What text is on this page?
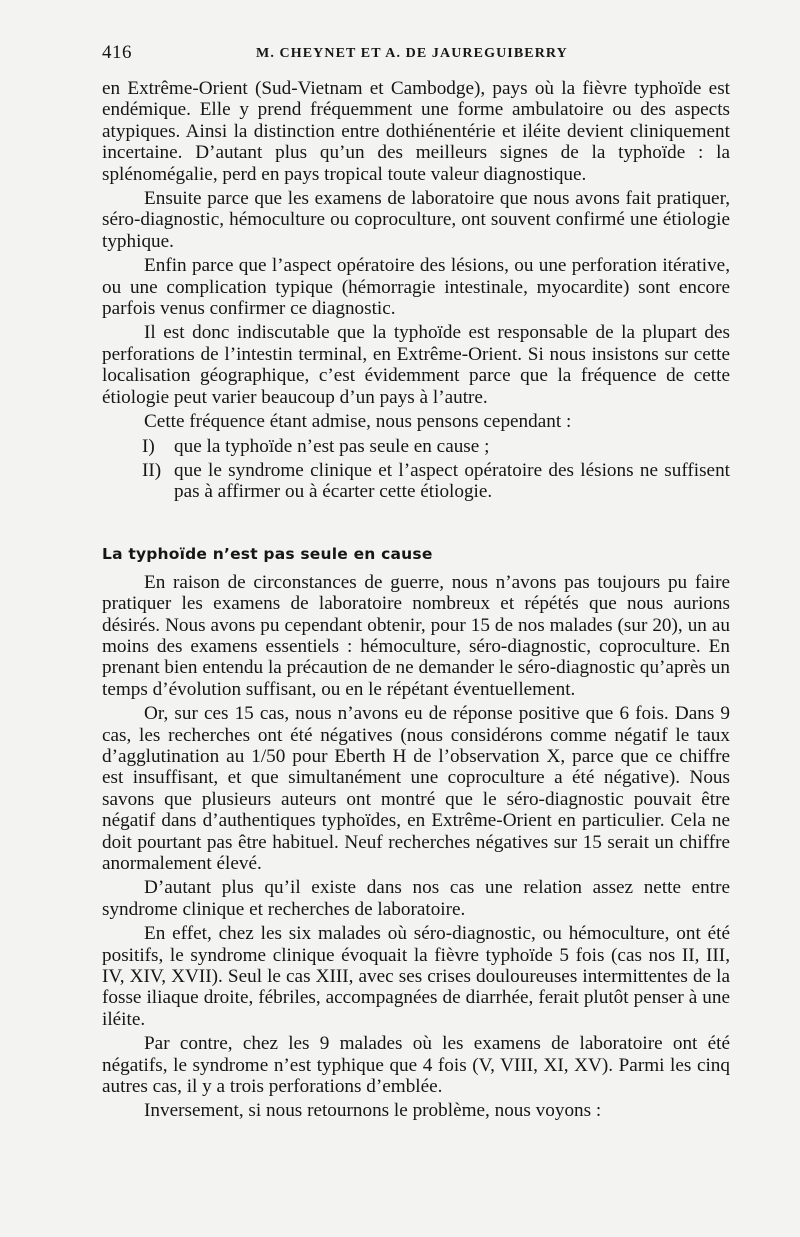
416	M. CHEYNET ET A. DE JAUREGUIBERRY

en Extrême-Orient (Sud-Vietnam et Cambodge), pays où la fièvre typhoïde est endémique. Elle y prend fréquemment une forme ambulatoire ou des aspects atypiques. Ainsi la distinction entre dothiénentérie et iléite devient cliniquement incertaine. D’autant plus qu’un des meilleurs signes de la typhoïde : la splénomégalie, perd en pays tropical toute valeur diagnostique.

Ensuite parce que les examens de laboratoire que nous avons fait pratiquer, séro-diagnostic, hémoculture ou coproculture, ont souvent confirmé une étiologie typhique.

Enfin parce que l’aspect opératoire des lésions, ou une perforation itérative, ou une complication typique (hémorragie intestinale, myocardite) sont encore parfois venus confirmer ce diagnostic.

Il est donc indiscutable que la typhoïde est responsable de la plupart des perforations de l’intestin terminal, en Extrême-Orient. Si nous insistons sur cette localisation géographique, c’est évidemment parce que la fréquence de cette étiologie peut varier beaucoup d’un pays à l’autre.

Cette fréquence étant admise, nous pensons cependant :

I) que la typhoïde n’est pas seule en cause ;
II) que le syndrome clinique et l’aspect opératoire des lésions ne suffisent pas à affirmer ou à écarter cette étiologie.
La typhoïde n’est pas seule en cause

En raison de circonstances de guerre, nous n’avons pas toujours pu faire pratiquer les examens de laboratoire nombreux et répétés que nous aurions désirés. Nous avons pu cependant obtenir, pour 15 de nos malades (sur 20), un au moins des examens essentiels : hémoculture, séro-diagnostic, coproculture. En prenant bien entendu la précaution de ne demander le séro-diagnostic qu’après un temps d’évolution suffisant, ou en le répétant éventuellement.

Or, sur ces 15 cas, nous n’avons eu de réponse positive que 6 fois. Dans 9 cas, les recherches ont été négatives (nous considérons comme négatif le taux d’agglutination au 1/50 pour Eberth H de l’observation X, parce que ce chiffre est insuffisant, et que simultanément une coproculture a été négative). Nous savons que plusieurs auteurs ont montré que le séro-diagnostic pouvait être négatif dans d’authentiques typhoïdes, en Extrême-Orient en particulier. Cela ne doit pourtant pas être habituel. Neuf recherches négatives sur 15 serait un chiffre anormalement élevé.

D’autant plus qu’il existe dans nos cas une relation assez nette entre syndrome clinique et recherches de laboratoire.

En effet, chez les six malades où séro-diagnostic, ou hémoculture, ont été positifs, le syndrome clinique évoquait la fièvre typhoïde 5 fois (cas nos II, III, IV, XIV, XVII). Seul le cas XIII, avec ses crises douloureuses intermittentes de la fosse iliaque droite, fébriles, accompagnées de diarrhée, ferait plutôt penser à une iléite.

Par contre, chez les 9 malades où les examens de laboratoire ont été négatifs, le syndrome n’est typhique que 4 fois (V, VIII, XI, XV). Parmi les cinq autres cas, il y a trois perforations d’emblée.

Inversement, si nous retournons le problème, nous voyons :
